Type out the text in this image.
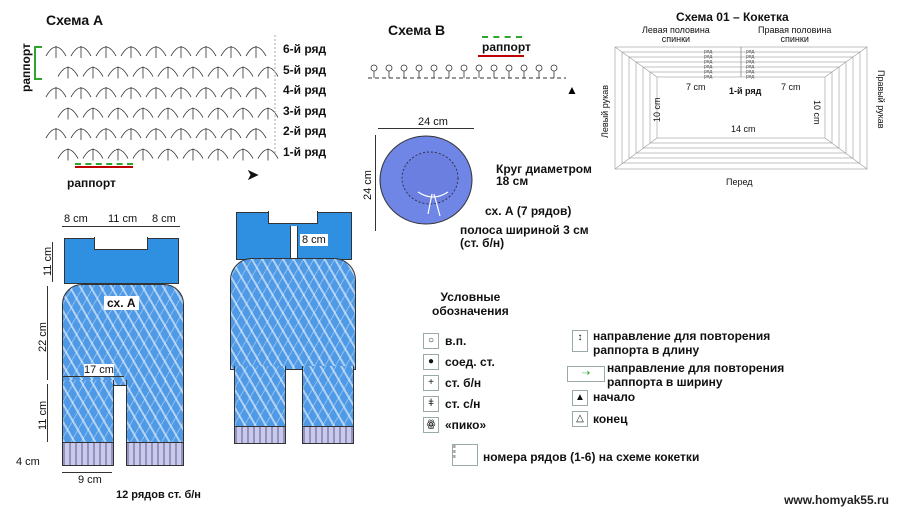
Схема А
6-й ряд
5-й ряд
4-й ряд
3-й ряд
2-й ряд
1-й ряд
раппорт
раппорт	➤
Схема В
раппорт
▲
24 cm
24 cm
Круг диаметром
18 см
сх. А (7 рядов)
полоса шириной 3 см
(ст. б/н)
Схема 01 – Кокетка
Левая половина
спинки
Правая половина
спинки
7 cm	7 cm
1-й ряд
10 cm	10 cm
14 cm
Левый рукав	Правый рукав
Перед
ряд
ряд
ряд
ряд
ряд
ряд
ряд
ряд
ряд
ряд
ряд
ряд
8 cm 11 cm 8 cm
11 cm
сх. А
17 cm
22 cm
11 cm
4 cm
9 cm
12 рядов ст. б/н
8 cm
Условные
обозначения
○ в.п.
● соед. ст.
+ ст. б/н
ǂ ст. с/н
ꙮ «пико»
↕ направление для повторения
раппорта в длину
⇢	направление для повторения
раппорта в ширину
▲ начало
△ конец
≡
≡
≡	номера рядов (1-6) на схеме кокетки
www.homyak55.ru
